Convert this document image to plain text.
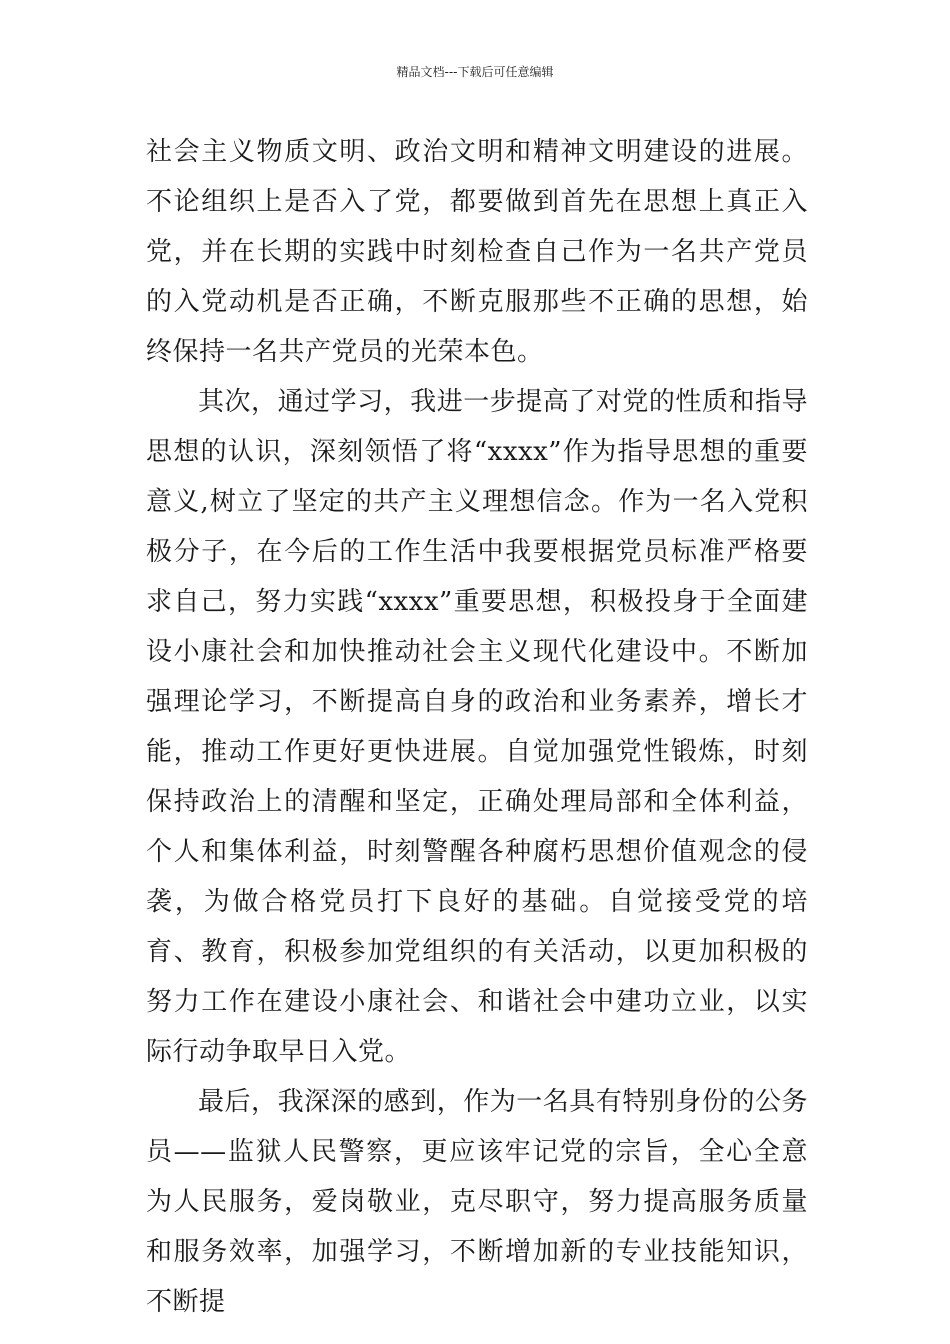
精品文档---下载后可任意编辑

社会主义物质文明、政治文明和精神文明建设的进展。不论组织上是否入了党，都要做到首先在思想上真正入党，并在长期的实践中时刻检查自己作为一名共产党员的入党动机是否正确，不断克服那些不正确的思想，始终保持一名共产党员的光荣本色。

其次，通过学习，我进一步提高了对党的性质和指导思想的认识，深刻领悟了将“xxxx”作为指导思想的重要意义,树立了坚定的共产主义理想信念。作为一名入党积极分子，在今后的工作生活中我要根据党员标准严格要求自己，努力实践“xxxx”重要思想，积极投身于全面建设小康社会和加快推动社会主义现代化建设中。不断加强理论学习，不断提高自身的政治和业务素养，增长才能，推动工作更好更快进展。自觉加强党性锻炼，时刻保持政治上的清醒和坚定，正确处理局部和全体利益，个人和集体利益，时刻警醒各种腐朽思想价值观念的侵袭，为做合格党员打下良好的基础。自觉接受党的培育、教育，积极参加党组织的有关活动，以更加积极的努力工作在建设小康社会、和谐社会中建功立业，以实际行动争取早日入党。

最后，我深深的感到，作为一名具有特别身份的公务员——监狱人民警察，更应该牢记党的宗旨，全心全意为人民服务，爱岗敬业，克尽职守，努力提高服务质量和服务效率，加强学习，不断增加新的专业技能知识，不断提
